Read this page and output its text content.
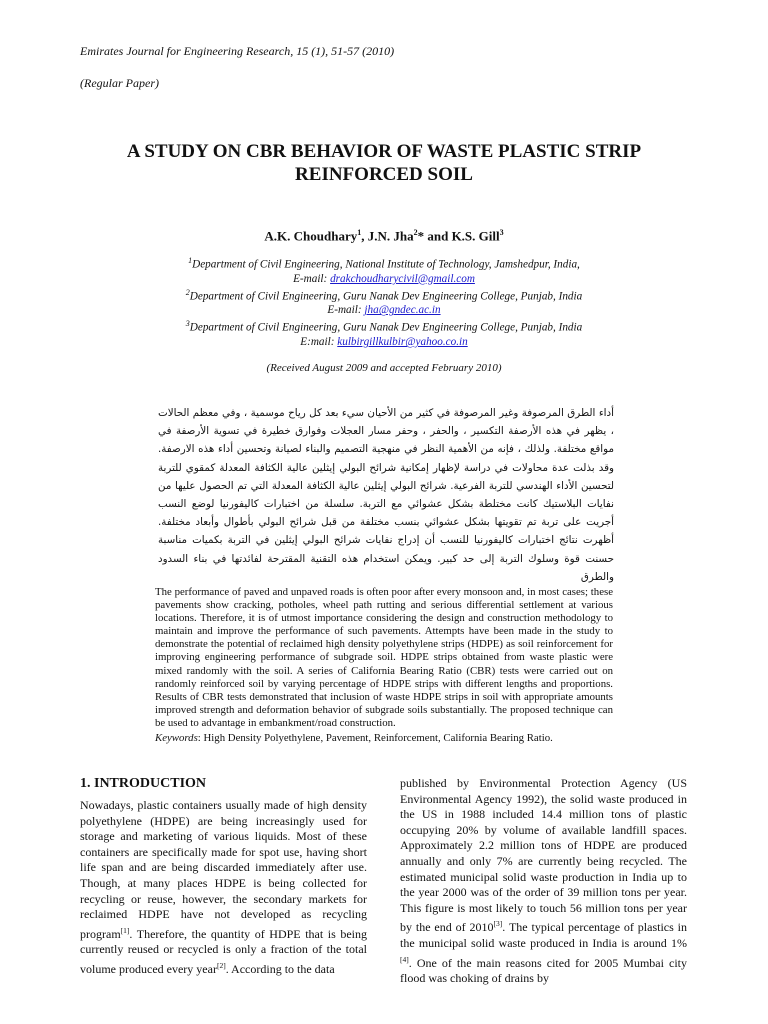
Emirates Journal for Engineering Research, 15 (1), 51-57 (2010)
(Regular Paper)
A STUDY ON CBR BEHAVIOR OF WASTE PLASTIC STRIP REINFORCED SOIL
A.K. Choudhary$^1$, J.N. Jha$^2$* and K.S. Gill$^3$
$^1$Department of Civil Engineering, National Institute of Technology, Jamshedpur, India,
E-mail: drakchoudharycivil@gmail.com
$^2$Department of Civil Engineering, Guru Nanak Dev Engineering College, Punjab, India
E-mail: jha@gndec.ac.in
$^3$Department of Civil Engineering, Guru Nanak Dev Engineering College, Punjab, India
E:mail: kulbirgillkulbir@yahoo.co.in
(Received August 2009 and accepted February 2010)
أداء الطرق المرصوفة وغير المرصوفة في كثير من الأحيان سيء بعد كل رياح موسمية ، وفي معظم الحالات ، يظهر في هذه الأرصفة التكسير ، والحفر ، وحفر مسار العجلات وفوارق خطيرة في تسوية الأرصفة في مواقع مختلفة. ولذلك ، فإنه من الأهمية النظر في منهجية التصميم والبناء لصيانة وتحسين أداء هذه الارصفة. وقد بذلت عدة محاولات في دراسة لإظهار إمكانية شرائح البولي إيثلين عالية الكثافة المعدلة كمقوي للتربة لتحسين الأداء الهندسي للتربة الفرعية. شرائح البولي إيثلين عالية الكثافة المعدلة التي تم الحصول عليها من نفايات البلاستيك كانت مختلطة بشكل عشوائي مع التربة. سلسلة من اختبارات كاليفورنيا لوضع النسب أجريت على تربة تم تقويتها بشكل عشوائي بنسب مختلفة من قبل شرائح البولي بأطوال وأبعاد مختلفة. أظهرت نتائج اختبارات كاليفورنيا للنسب أن إدراج نفايات شرائح البولي إيثلين في التربة بكميات مناسبة حسنت قوة وسلوك التربة إلى حد كبير. ويمكن استخدام هذه التقنية المقترحة لفائدتها في بناء السدود والطرق
The performance of paved and unpaved roads is often poor after every monsoon and, in most cases; these pavements show cracking, potholes, wheel path rutting and serious differential settlement at various locations. Therefore, it is of utmost importance considering the design and construction methodology to maintain and improve the performance of such pavements. Attempts have been made in the study to demonstrate the potential of reclaimed high density polyethylene strips (HDPE) as soil reinforcement for improving engineering performance of subgrade soil. HDPE strips obtained from waste plastic were mixed randomly with the soil. A series of California Bearing Ratio (CBR) tests were carried out on randomly reinforced soil by varying percentage of HDPE strips with different lengths and proportions. Results of CBR tests demonstrated that inclusion of waste HDPE strips in soil with appropriate amounts improved strength and deformation behavior of subgrade soils substantially. The proposed technique can be used to advantage in embankment/road construction.
Keywords: High Density Polyethylene, Pavement, Reinforcement, California Bearing Ratio.
1. INTRODUCTION
Nowadays, plastic containers usually made of high density polyethylene (HDPE) are being increasingly used for storage and marketing of various liquids. Most of these containers are specifically made for spot use, having short life span and are being discarded immediately after use. Though, at many places HDPE is being collected for recycling or reuse, however, the secondary markets for reclaimed HDPE have not developed as recycling program[1]. Therefore, the quantity of HDPE that is being currently reused or recycled is only a fraction of the total volume produced every year[2]. According to the data
published by Environmental Protection Agency (US Environmental Agency 1992), the solid waste produced in the US in 1988 included 14.4 million tons of plastic occupying 20% by volume of available landfill spaces. Approximately 2.2 million tons of HDPE are produced annually and only 7% are currently being recycled. The estimated municipal solid waste production in India up to the year 2000 was of the order of 39 million tons per year. This figure is most likely to touch 56 million tons per year by the end of 2010[3]. The typical percentage of plastics in the municipal solid waste produced in India is around 1%[4]. One of the main reasons cited for 2005 Mumbai city flood was choking of drains by
